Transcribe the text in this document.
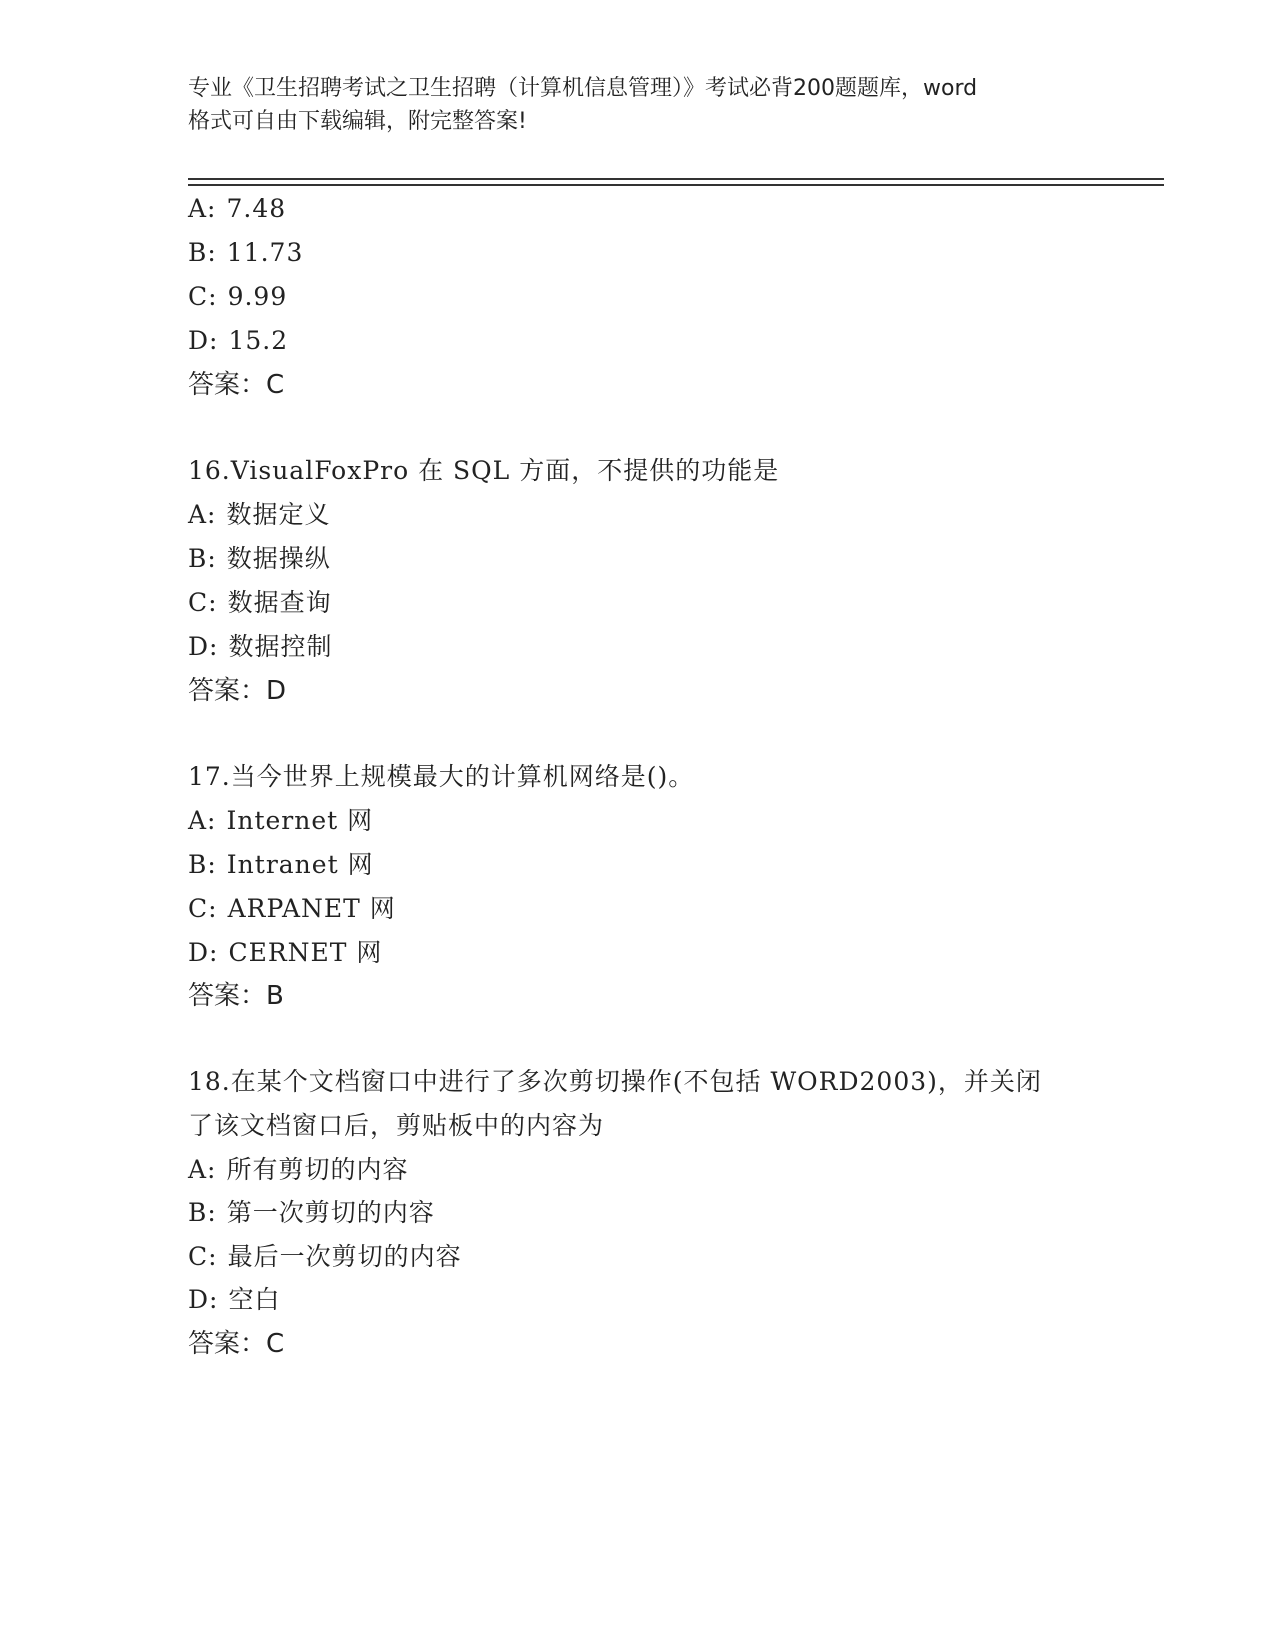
专业《卫生招聘考试之卫生招聘（计算机信息管理）》考试必背200题题库，word
格式可自由下载编辑，附完整答案!
A: 7.48
B: 11.73
C: 9.99
D: 15.2
答案：C
16.VisualFoxPro 在 SQL 方面，不提供的功能是
A: 数据定义
B: 数据操纵
C: 数据查询
D: 数据控制
答案：D
17.当今世界上规模最大的计算机网络是()。
A: Internet 网
B: Intranet 网
C: ARPANET 网
D: CERNET 网
答案：B
18.在某个文档窗口中进行了多次剪切操作(不包括 WORD2003)，并关闭
了该文档窗口后，剪贴板中的内容为
A: 所有剪切的内容
B: 第一次剪切的内容
C: 最后一次剪切的内容
D: 空白
答案：C
